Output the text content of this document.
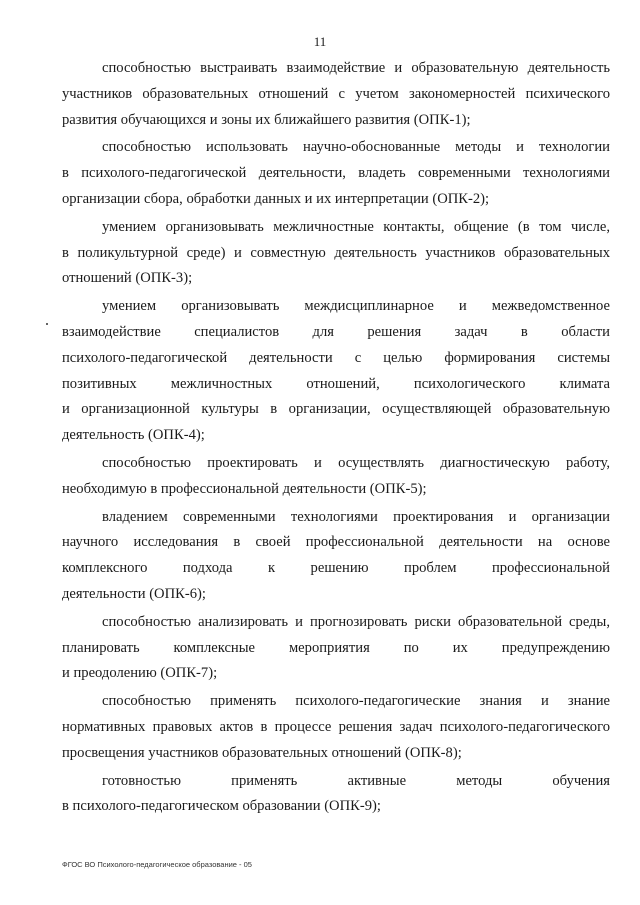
11
способностью выстраивать взаимодействие и образовательную деятельность
участников образовательных отношений с учетом закономерностей психического
развития обучающихся и зоны их ближайшего развития (ОПК-1);
способностью использовать научно-обоснованные методы и технологии
в психолого-педагогической деятельности, владеть современными технологиями
организации сбора, обработки данных и их интерпретации (ОПК-2);
умением организовывать межличностные контакты, общение (в том числе,
в поликультурной среде) и совместную деятельность участников образовательных
отношений (ОПК-3);
умением организовывать междисциплинарное и межведомственное
взаимодействие специалистов для решения задач в области
психолого-педагогической деятельности с целью формирования системы
позитивных межличностных отношений, психологического климата
и организационной культуры в организации, осуществляющей образовательную
деятельность (ОПК-4);
способностью проектировать и осуществлять диагностическую работу,
необходимую в профессиональной деятельности (ОПК-5);
владением современными технологиями проектирования и организации
научного исследования в своей профессиональной деятельности на основе
комплексного подхода к решению проблем профессиональной
деятельности (ОПК-6);
способностью анализировать и прогнозировать риски образовательной среды,
планировать комплексные мероприятия по их предупреждению
и преодолению (ОПК-7);
способностью применять психолого-педагогические знания и знание
нормативных правовых актов в процессе решения задач психолого-педагогического
просвещения участников образовательных отношений (ОПК-8);
готовностью применять активные методы обучения
в психолого-педагогическом образовании (ОПК-9);
ФГОС ВО Психолого-педагогическое образование - 05
